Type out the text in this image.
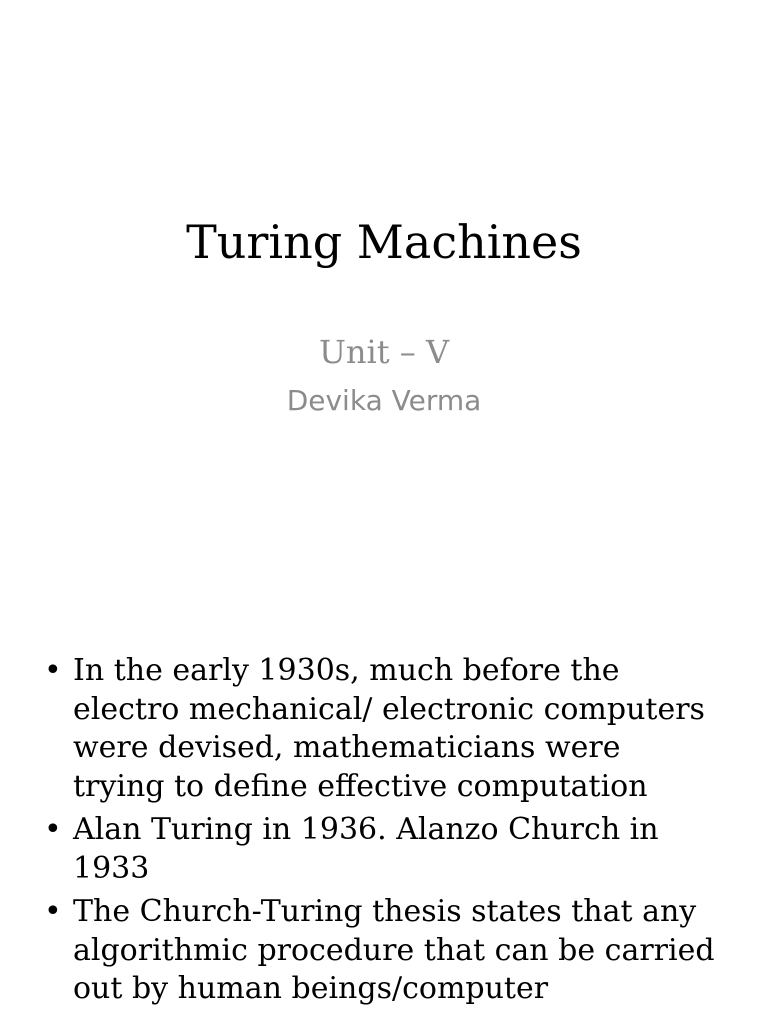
Turing Machines
Unit – V
Devika Verma
• In the early 1930s, much before the electro mechanical/ electronic computers were devised, mathematicians were trying to define effective computation
• Alan Turing in 1936. Alanzo Church in 1933
• The Church-Turing thesis states that any algorithmic procedure that can be carried out by human beings/computer
